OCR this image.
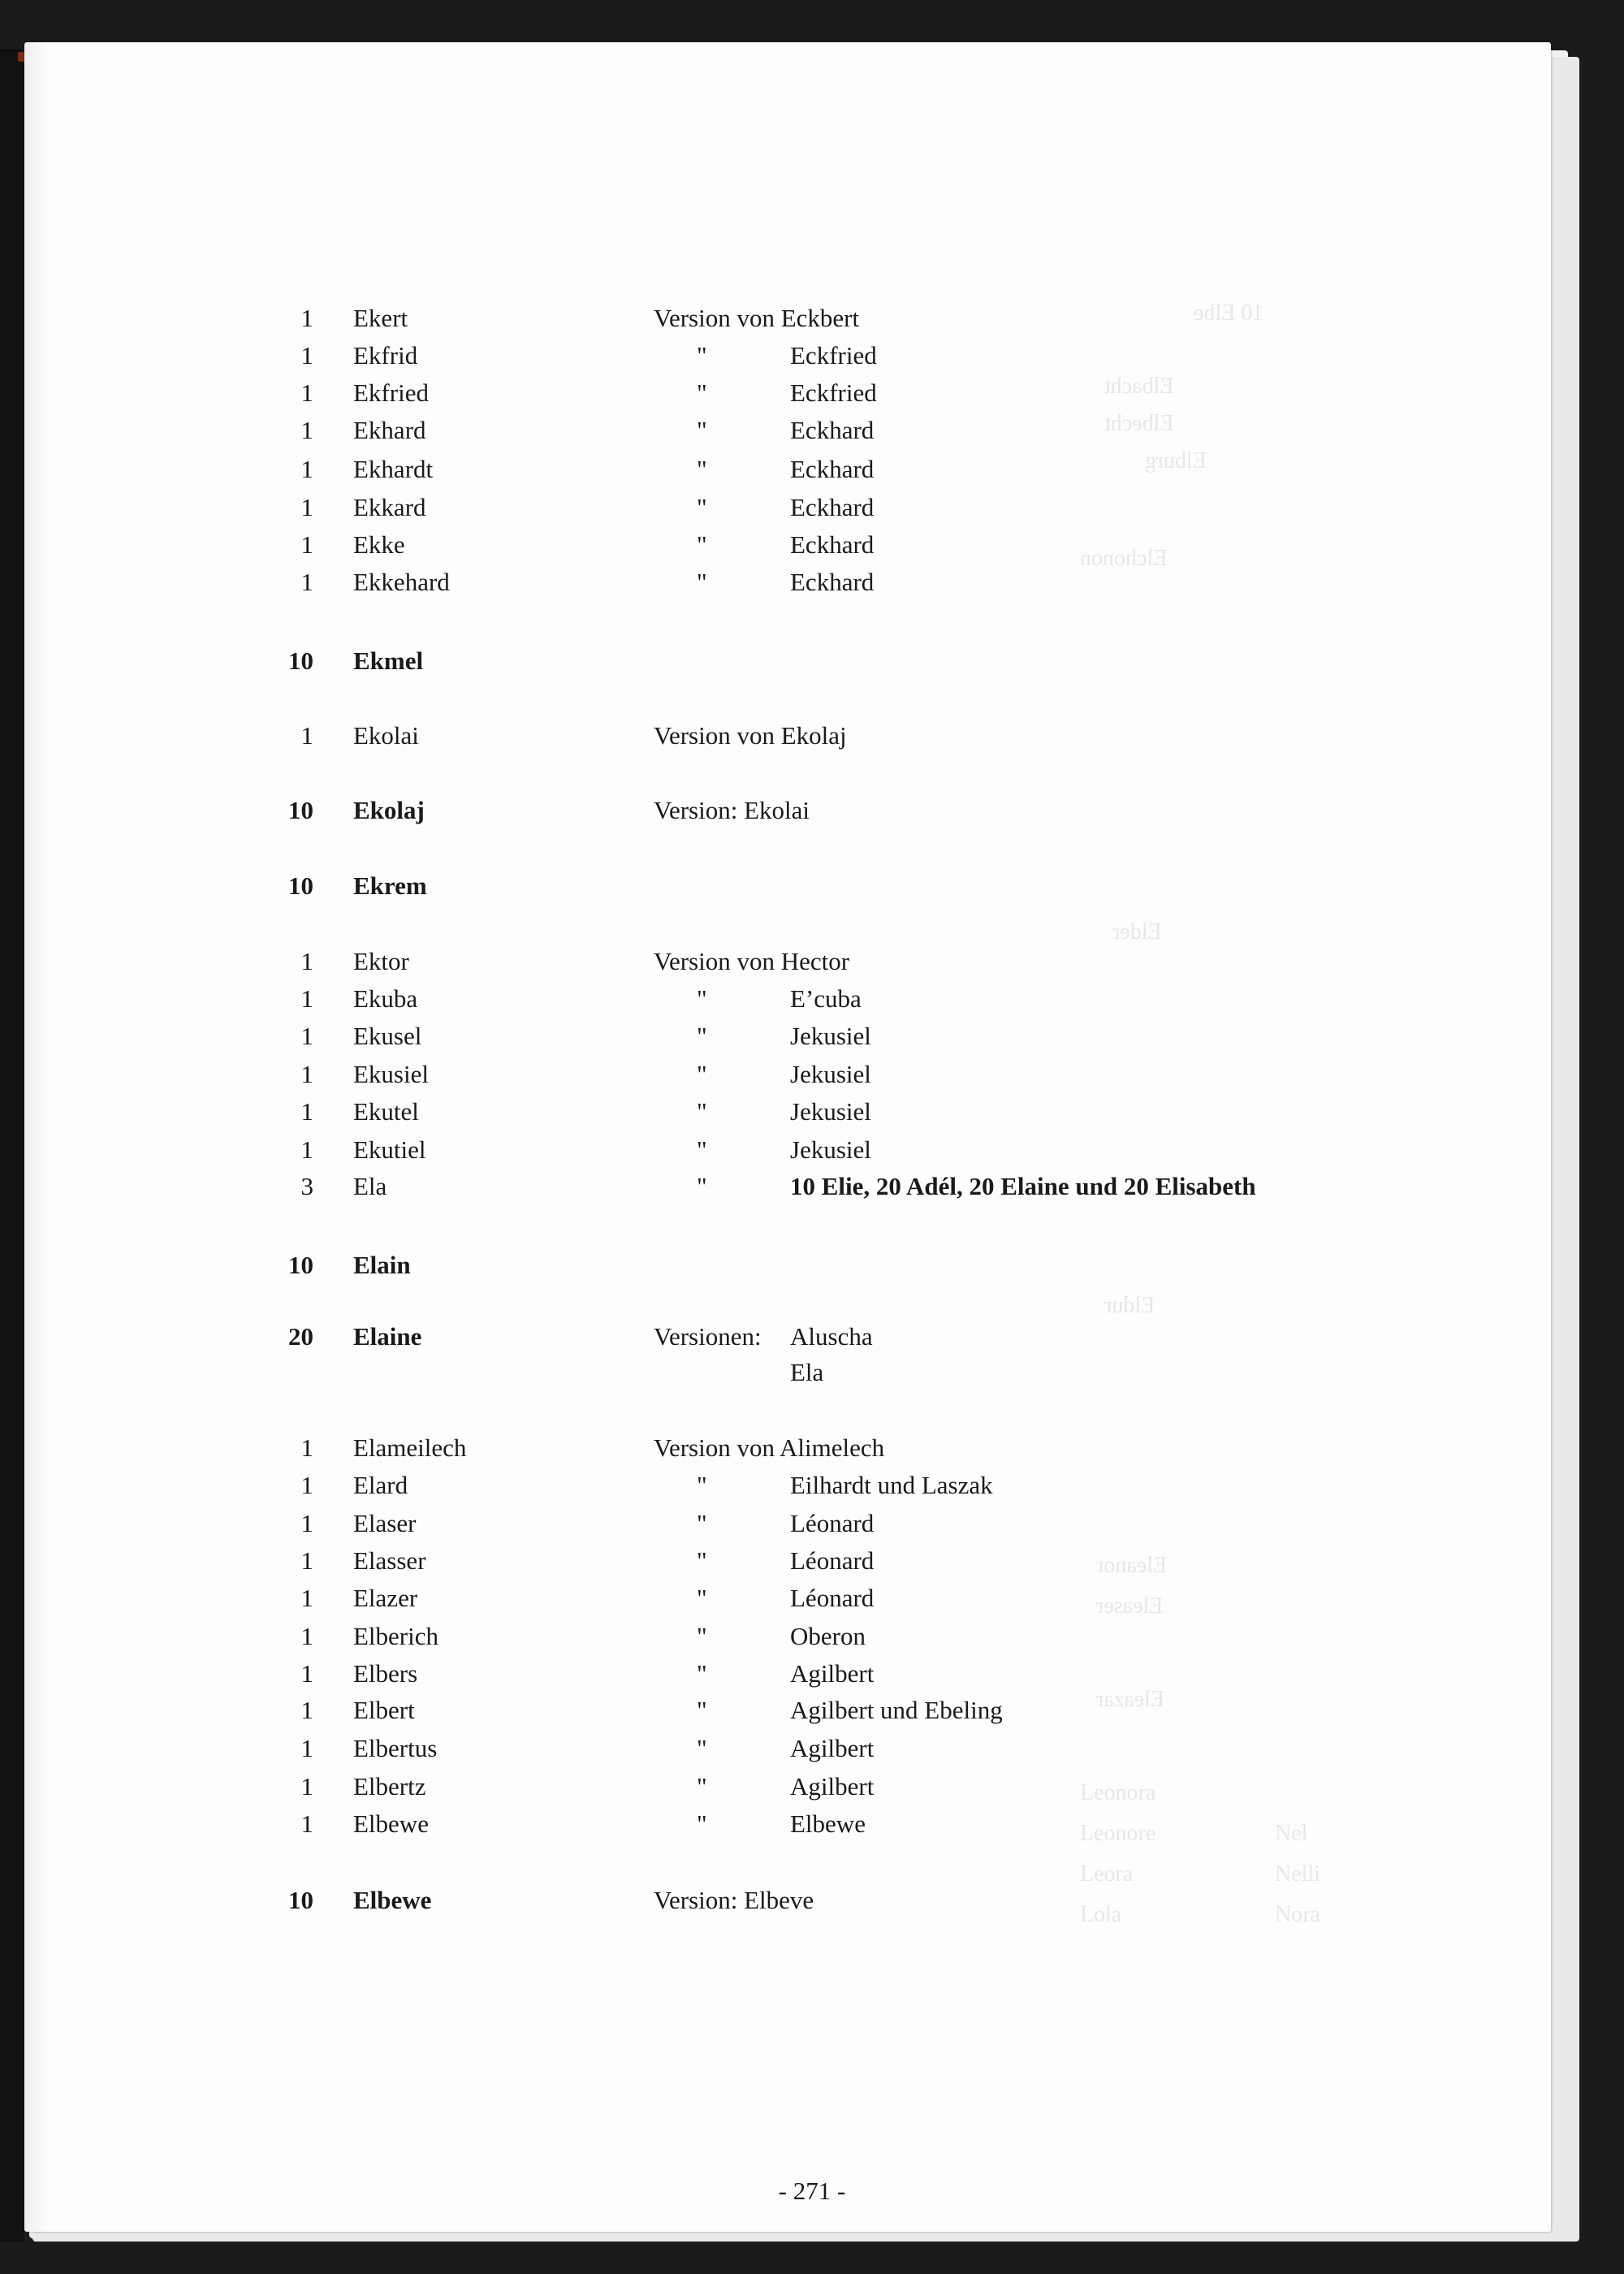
10 Elbe
Elbacht
Elbecht
Elburg
Elchonon
Elder
Eldur
Eleanor
Eleaser
Eleazar
Leonora
Leonore
Leora
Lola
Nel
Nelli
Nora
1 Ekert	Version von Eckbert
1 Ekfrid	"	Eckfried
1 Ekfried	"	Eckfried
1 Ekhard	"	Eckhard
1 Ekhardt	"	Eckhard
1 Ekkard	"	Eckhard
1 Ekke	"	Eckhard
1 Ekkehard	"	Eckhard
10 Ekmel
1 Ekolai	Version von Ekolaj
10 Ekolaj	Version: Ekolai
10 Ekrem
1 Ektor	Version von Hector
1 Ekuba	"	E’cuba
1 Ekusel	"	Jekusiel
1 Ekusiel	"	Jekusiel
1 Ekutel	"	Jekusiel
1 Ekutiel	"	Jekusiel
3 Ela	"	10 Elie, 20 Adél, 20 Elaine und 20 Elisabeth
10 Elain
20 Elaine	Versionen: Aluscha
Ela
1 Elameilech	Version von Alimelech
1 Elard	"	Eilhardt und Laszak
1 Elaser	"	Léonard
1 Elasser	"	Léonard
1 Elazer	"	Léonard
1 Elberich	"	Oberon
1 Elbers	"	Agilbert
1 Elbert	"	Agilbert und Ebeling
1 Elbertus	"	Agilbert
1 Elbertz	"	Agilbert
1 Elbewe	"	Elbewe
10 Elbewe	Version: Elbeve
- 271 -
